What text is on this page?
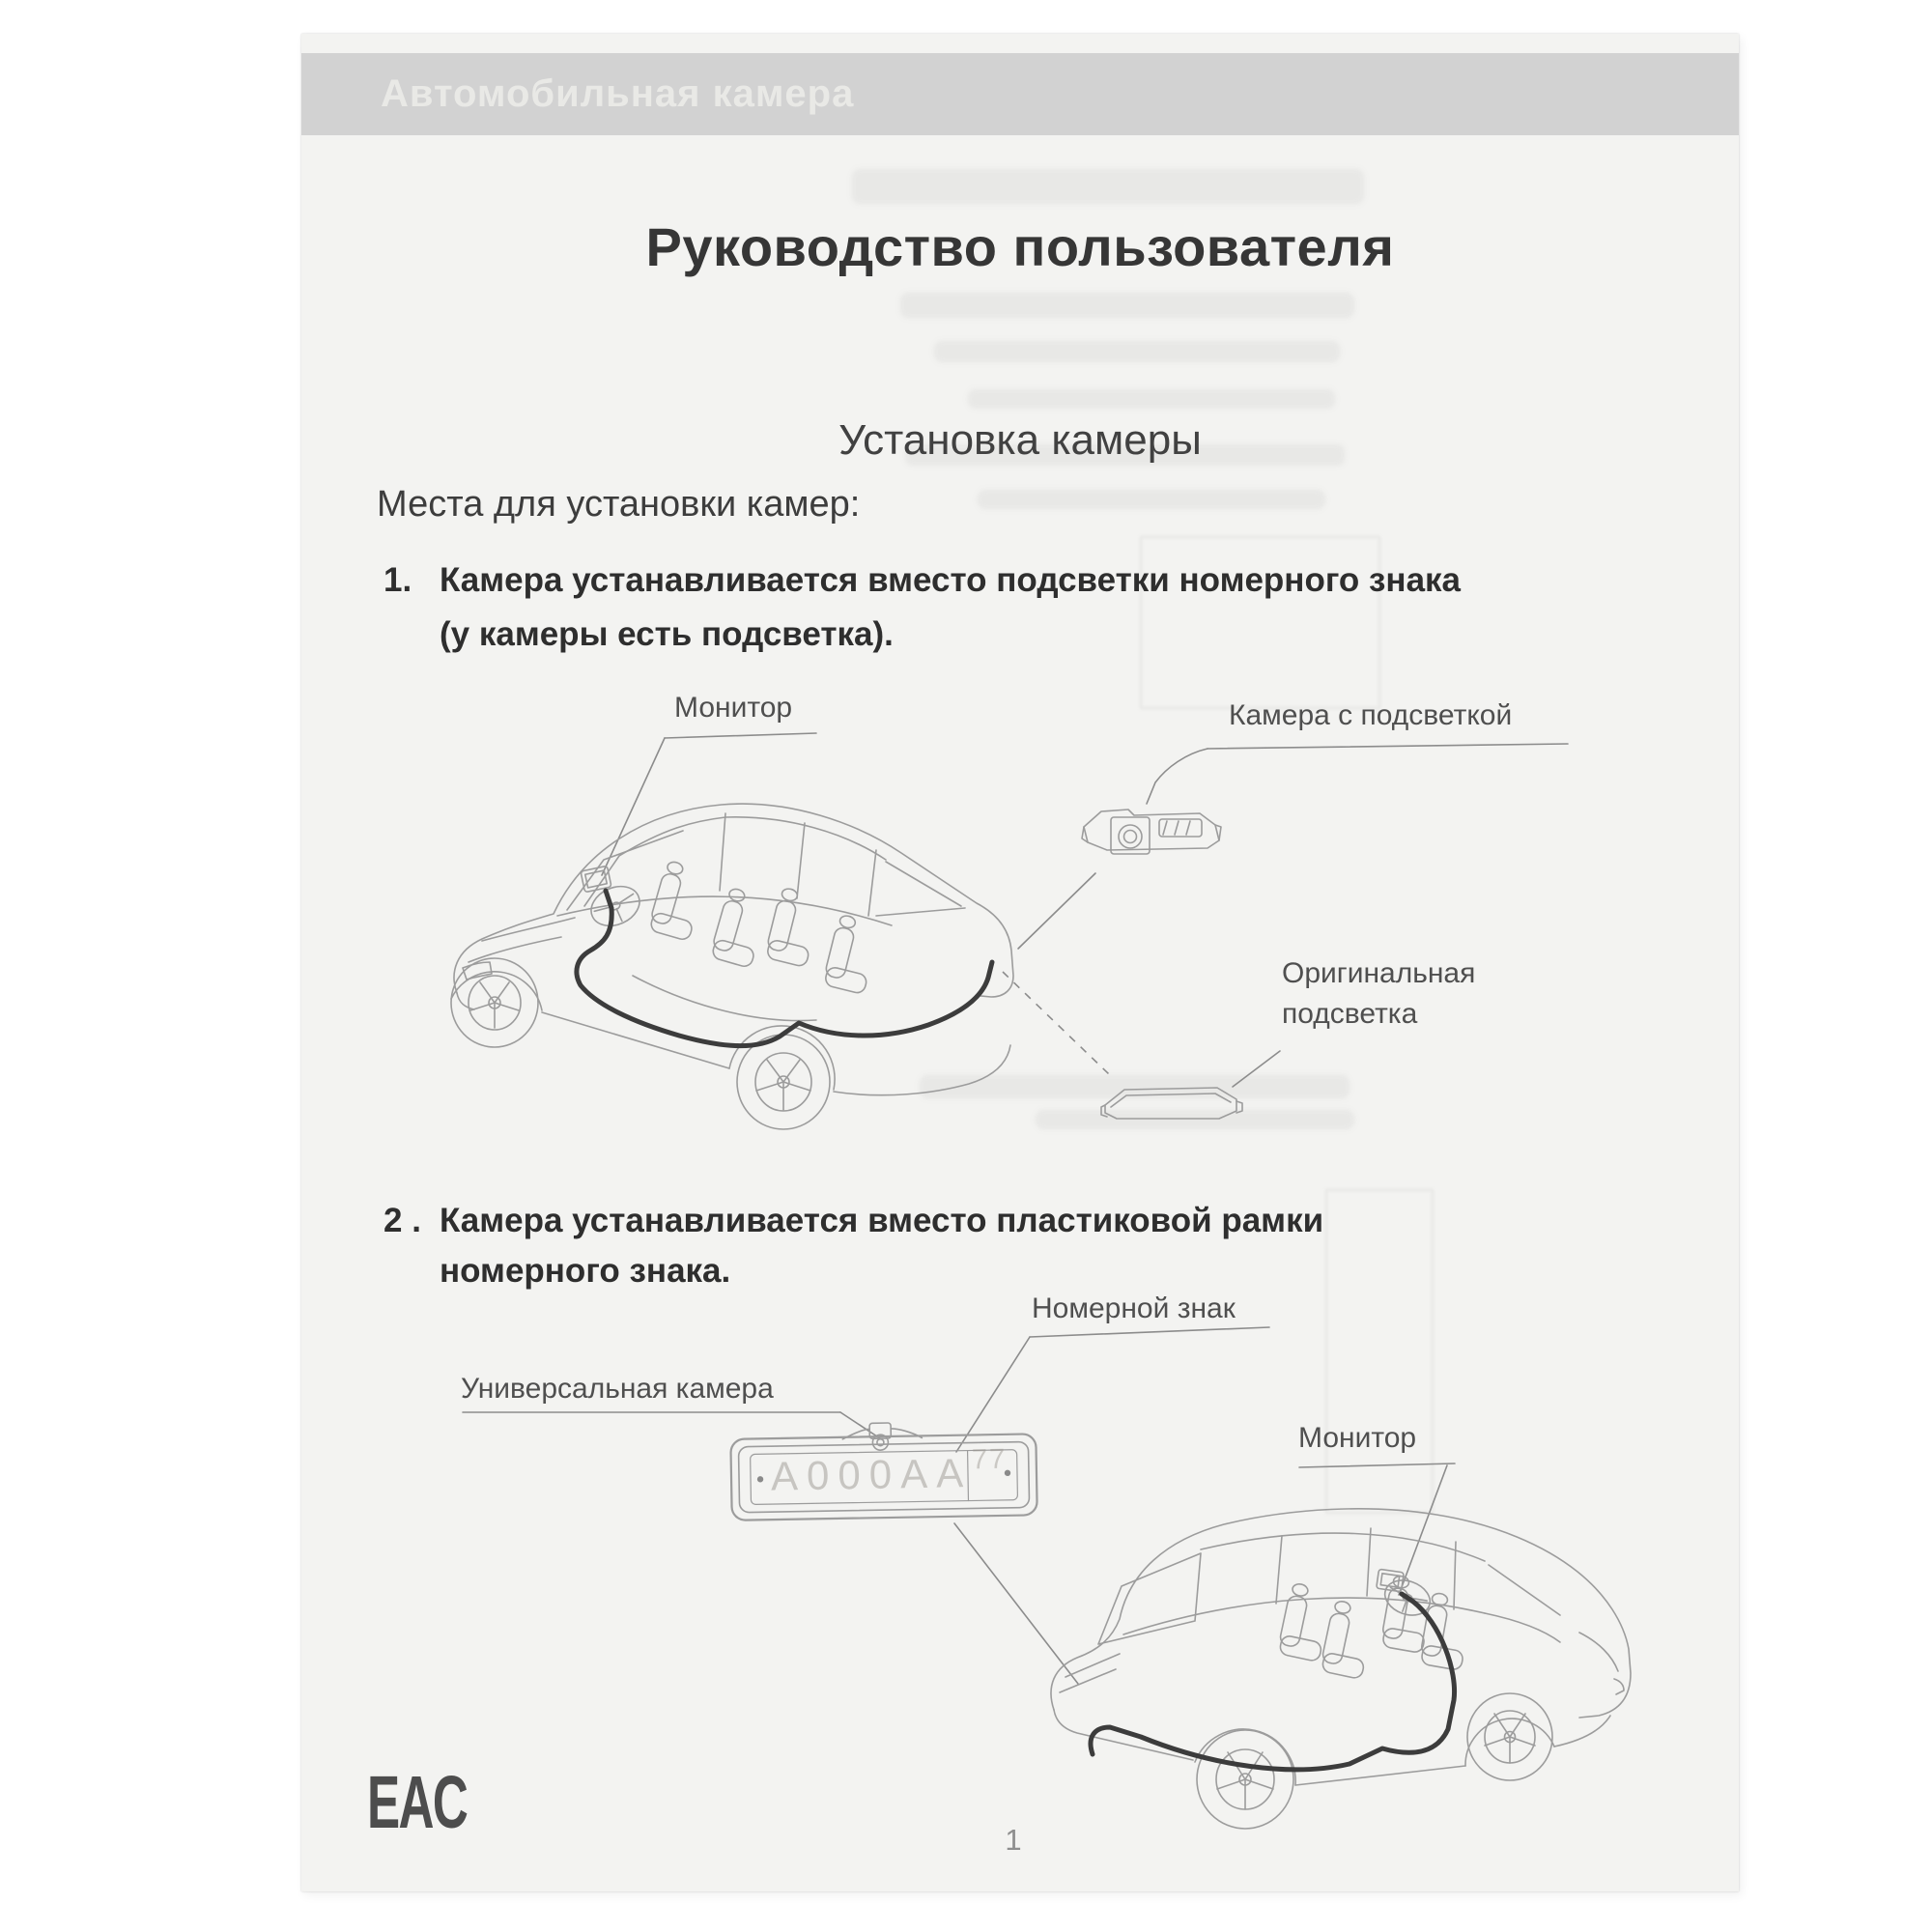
Автомобильная камера
Руководство пользователя
Установка камеры
Места для установки камер:
1. Камера устанавливается вместо подсветки номерного знака
(у камеры есть подсветка).
Монитор	Камера с подсветкой
Оригинальная
подсветка
2 . Камера устанавливается вместо пластиковой рамки
номерного знака.
Номерной знак
Универсальная камера
Монитор
А000АА 77
EAC	1
